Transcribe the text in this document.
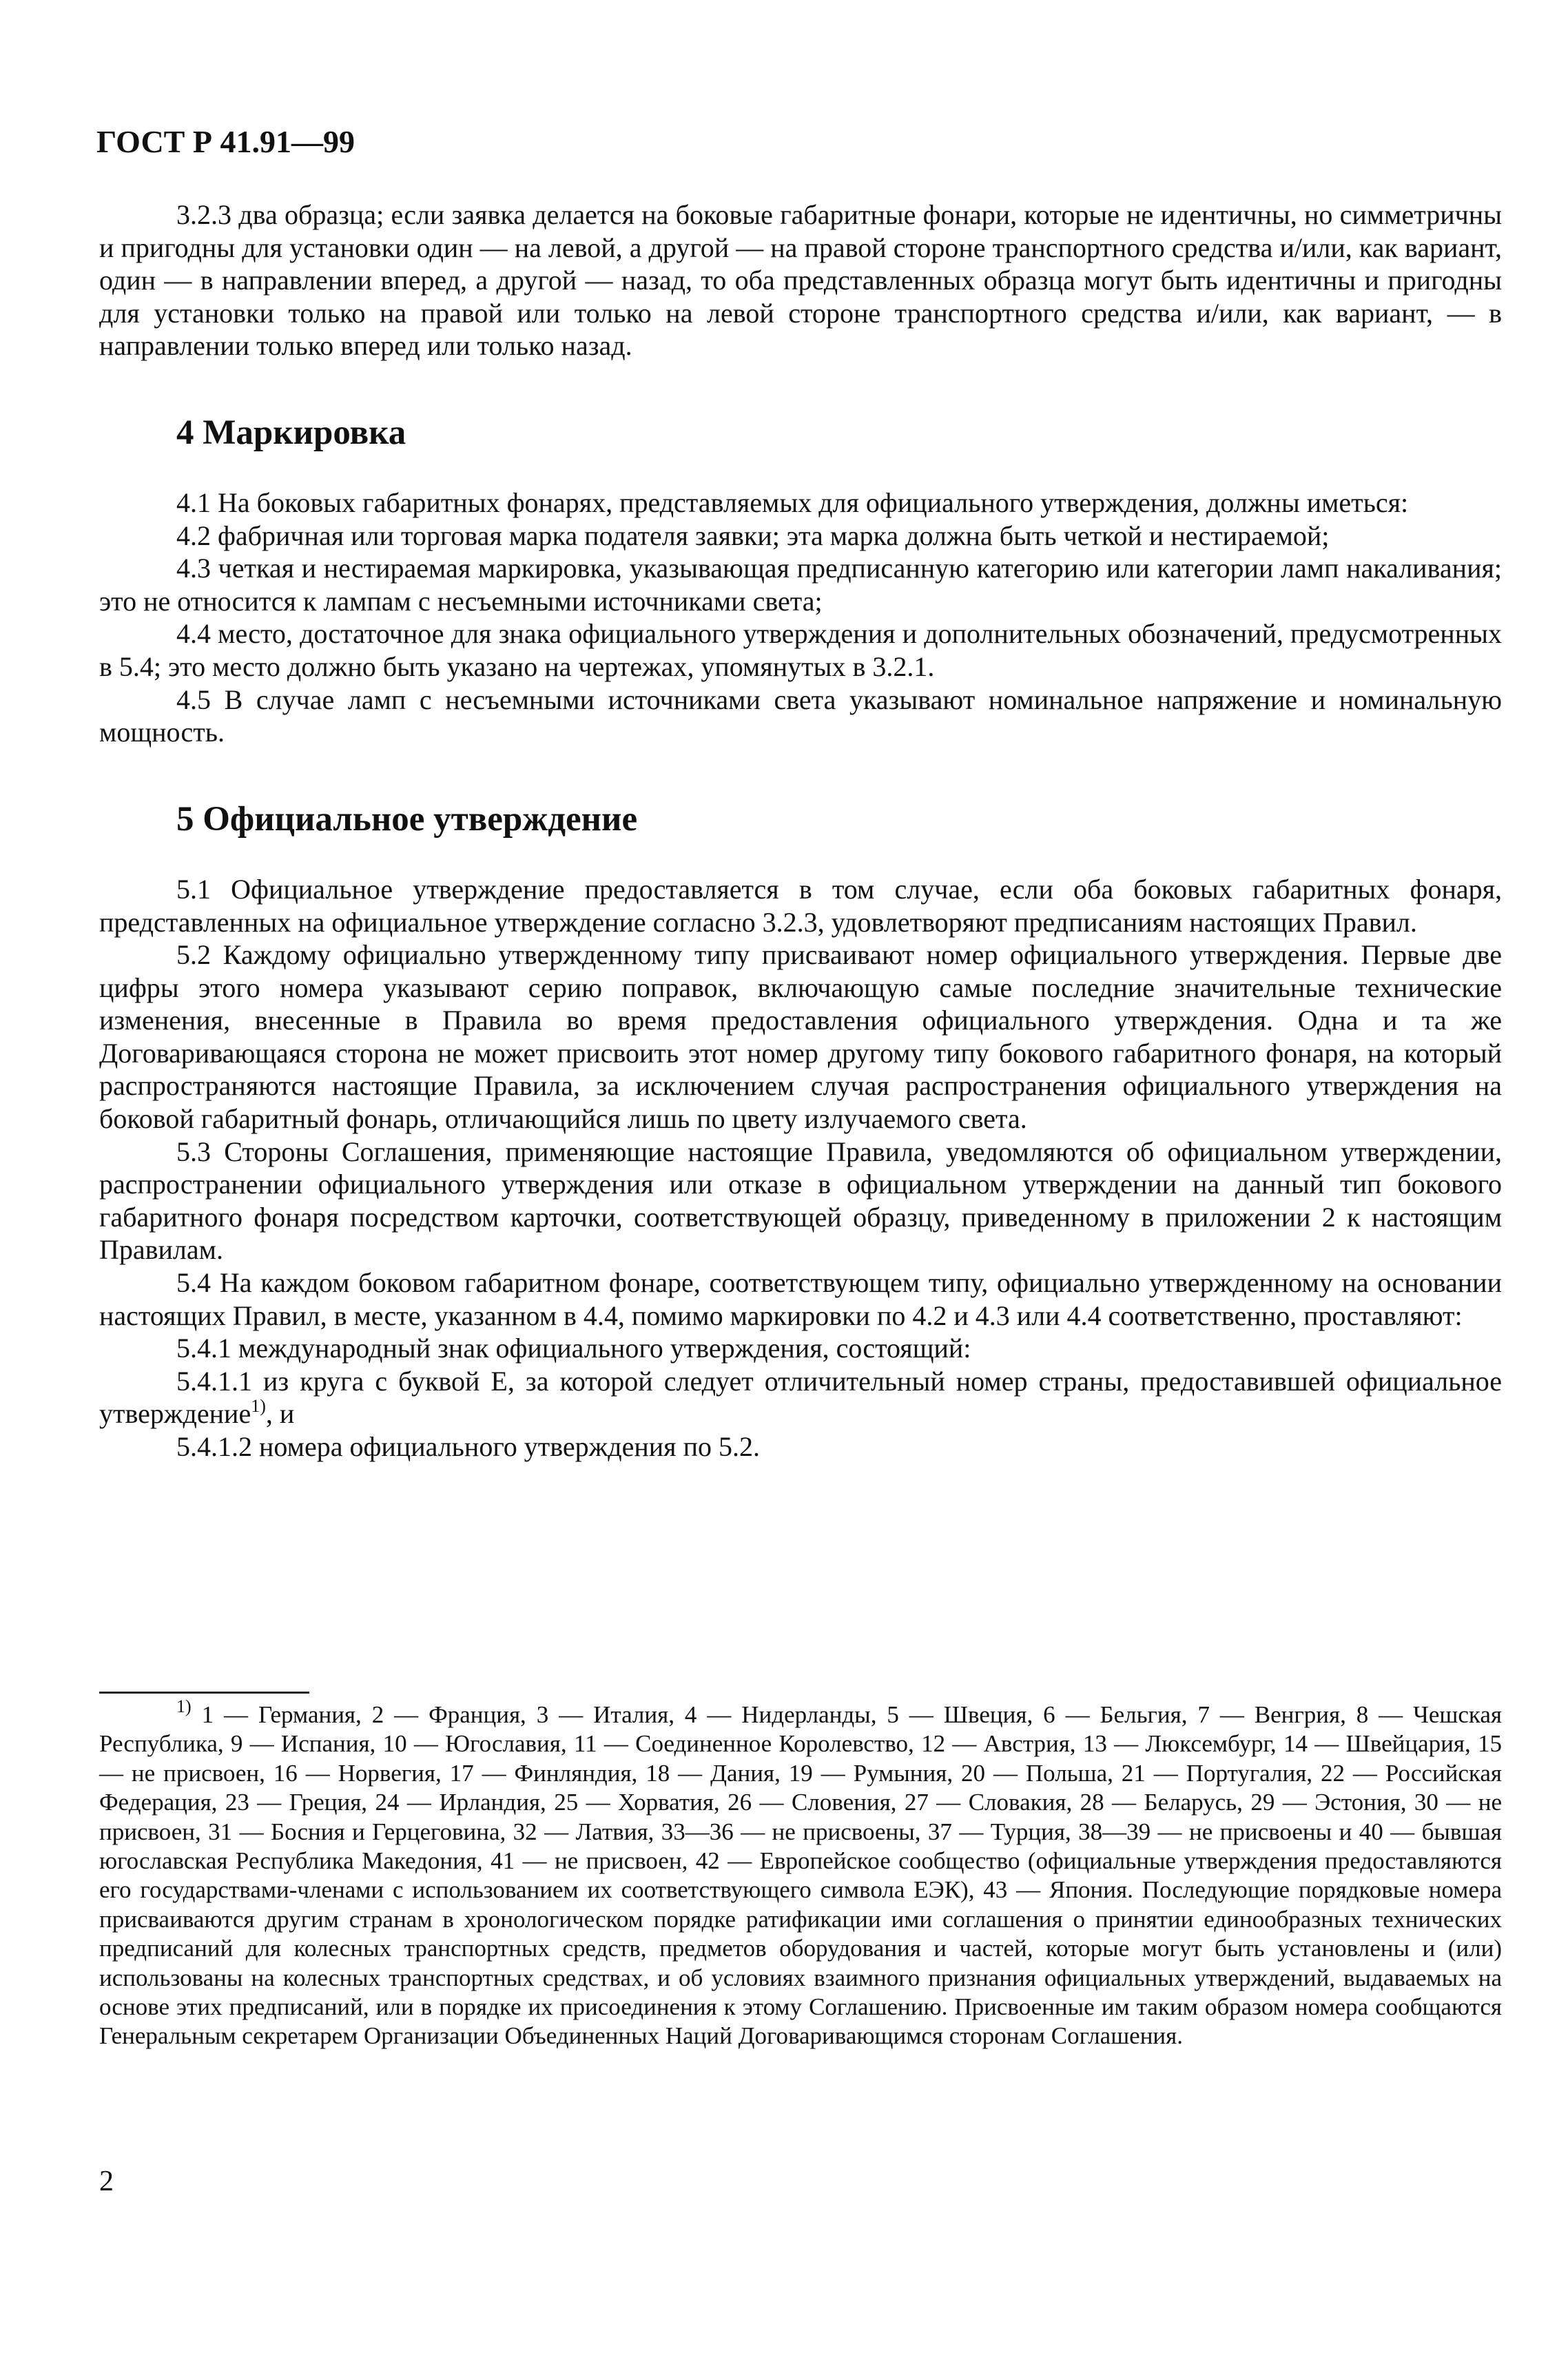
ГОСТ Р 41.91—99

3.2.3 два образца; если заявка делается на боковые габаритные фонари, которые не идентичны, но симметричны и пригодны для установки один — на левой, а другой — на правой стороне транспортного средства и/или, как вариант, один — в направлении вперед, а другой — назад, то оба представленных образца могут быть идентичны и пригодны для установки только на правой или только на левой стороне транспортного средства и/или, как вариант, — в направлении только вперед или только назад.

4 Маркировка

4.1 На боковых габаритных фонарях, представляемых для официального утверждения, должны иметься:

4.2 фабричная или торговая марка подателя заявки; эта марка должна быть четкой и нестираемой;

4.3 четкая и нестираемая маркировка, указывающая предписанную категорию или категории ламп накаливания; это не относится к лампам с несъемными источниками света;

4.4 место, достаточное для знака официального утверждения и дополнительных обозначений, предусмотренных в 5.4; это место должно быть указано на чертежах, упомянутых в 3.2.1.

4.5 В случае ламп с несъемными источниками света указывают номинальное напряжение и номинальную мощность.

5 Официальное утверждение

5.1 Официальное утверждение предоставляется в том случае, если оба боковых габаритных фонаря, представленных на официальное утверждение согласно 3.2.3, удовлетворяют предписаниям настоящих Правил.

5.2 Каждому официально утвержденному типу присваивают номер официального утверждения. Первые две цифры этого номера указывают серию поправок, включающую самые последние значительные технические изменения, внесенные в Правила во время предоставления официального утверждения. Одна и та же Договаривающаяся сторона не может присвоить этот номер другому типу бокового габаритного фонаря, на который распространяются настоящие Правила, за исключением случая распространения официального утверждения на боковой габаритный фонарь, отличающийся лишь по цвету излучаемого света.

5.3 Стороны Соглашения, применяющие настоящие Правила, уведомляются об официальном утверждении, распространении официального утверждения или отказе в официальном утверждении на данный тип бокового габаритного фонаря посредством карточки, соответствующей образцу, приведенному в приложении 2 к настоящим Правилам.

5.4 На каждом боковом габаритном фонаре, соответствующем типу, официально утвержденному на основании настоящих Правил, в месте, указанном в 4.4, помимо маркировки по 4.2 и 4.3 или 4.4 соответственно, проставляют:

5.4.1 международный знак официального утверждения, состоящий:

5.4.1.1 из круга с буквой Е, за которой следует отличительный номер страны, предоставившей официальное утверждение$^{1)}$, и

5.4.1.2 номера официального утверждения по 5.2.

$^{1)}$ 1 — Германия, 2 — Франция, 3 — Италия, 4 — Нидерланды, 5 — Швеция, 6 — Бельгия, 7 — Венгрия, 8 — Чешская Республика, 9 — Испания, 10 — Югославия, 11 — Соединенное Королевство, 12 — Австрия, 13 — Люксембург, 14 — Швейцария, 15 — не присвоен, 16 — Норвегия, 17 — Финляндия, 18 — Дания, 19 — Румыния, 20 — Польша, 21 — Португалия, 22 — Российская Федерация, 23 — Греция, 24 — Ирландия, 25 — Хорватия, 26 — Словения, 27 — Словакия, 28 — Беларусь, 29 — Эстония, 30 — не присвоен, 31 — Босния и Герцеговина, 32 — Латвия, 33—36 — не присвоены, 37 — Турция, 38—39 — не присвоены и 40 — бывшая югославская Республика Македония, 41 — не присвоен, 42 — Европейское сообщество (официальные утверждения предоставляются его государствами-членами с использованием их соответствующего символа ЕЭК), 43 — Япония. Последующие порядковые номера присваиваются другим странам в хронологическом порядке ратификации ими соглашения о принятии единообразных технических предписаний для колесных транспортных средств, предметов оборудования и частей, которые могут быть установлены и (или) использованы на колесных транспортных средствах, и об условиях взаимного признания официальных утверждений, выдаваемых на основе этих предписаний, или в порядке их присоединения к этому Соглашению. Присвоенные им таким образом номера сообщаются Генеральным секретарем Организации Объединенных Наций Договаривающимся сторонам Соглашения.

2
